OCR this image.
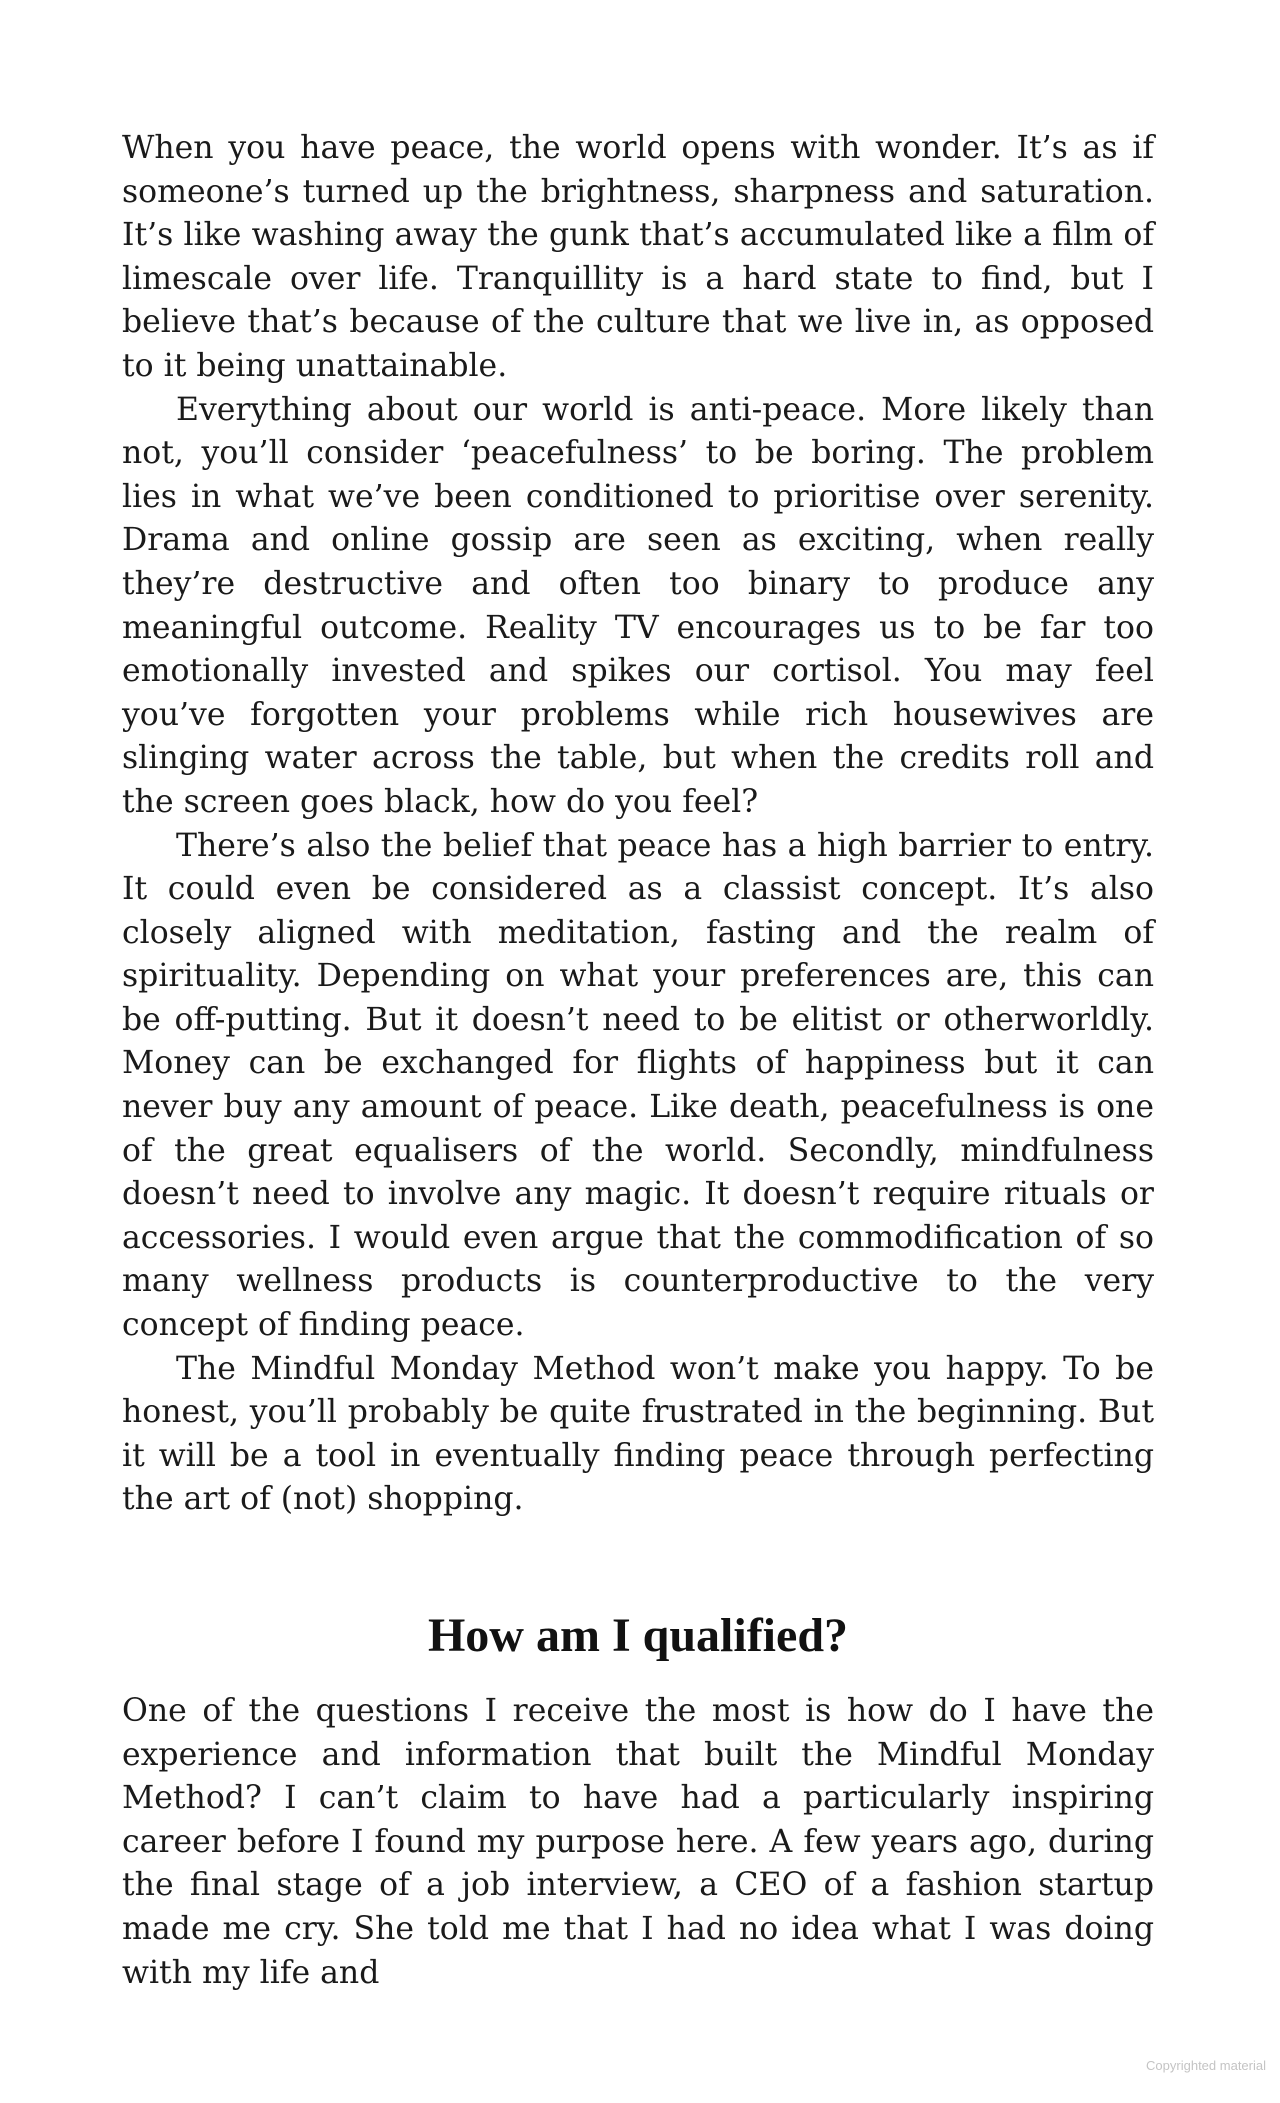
When you have peace, the world opens with wonder. It’s as if someone’s turned up the brightness, sharpness and saturation. It’s like washing away the gunk that’s accumulated like a film of limescale over life. Tranquillity is a hard state to find, but I believe that’s because of the culture that we live in, as opposed to it being unattainable.

Everything about our world is anti-peace. More likely than not, you’ll consider ‘peacefulness’ to be boring. The problem lies in what we’ve been conditioned to prioritise over serenity. Drama and online gossip are seen as exciting, when really they’re destructive and often too binary to produce any meaningful outcome. Reality TV encourages us to be far too emotionally invested and spikes our cortisol. You may feel you’ve forgotten your problems while rich housewives are slinging water across the table, but when the credits roll and the screen goes black, how do you feel?

There’s also the belief that peace has a high barrier to entry. It could even be considered as a classist concept. It’s also closely aligned with meditation, fasting and the realm of spirituality. Depending on what your preferences are, this can be off-putting. But it doesn’t need to be elitist or otherworldly. Money can be exchanged for flights of happiness but it can never buy any amount of peace. Like death, peacefulness is one of the great equalisers of the world. Secondly, mindfulness doesn’t need to involve any magic. It doesn’t require rituals or accessories. I would even argue that the commodification of so many wellness products is counterproductive to the very concept of finding peace.

The Mindful Monday Method won’t make you happy. To be honest, you’ll probably be quite frustrated in the beginning. But it will be a tool in eventually finding peace through perfecting the art of (not) shopping.

How am I qualified?

One of the questions I receive the most is how do I have the experience and information that built the Mindful Monday Method? I can’t claim to have had a particularly inspiring career before I found my purpose here. A few years ago, during the final stage of a job interview, a CEO of a fashion startup made me cry. She told me that I had no idea what I was doing with my life and

Copyrighted material
